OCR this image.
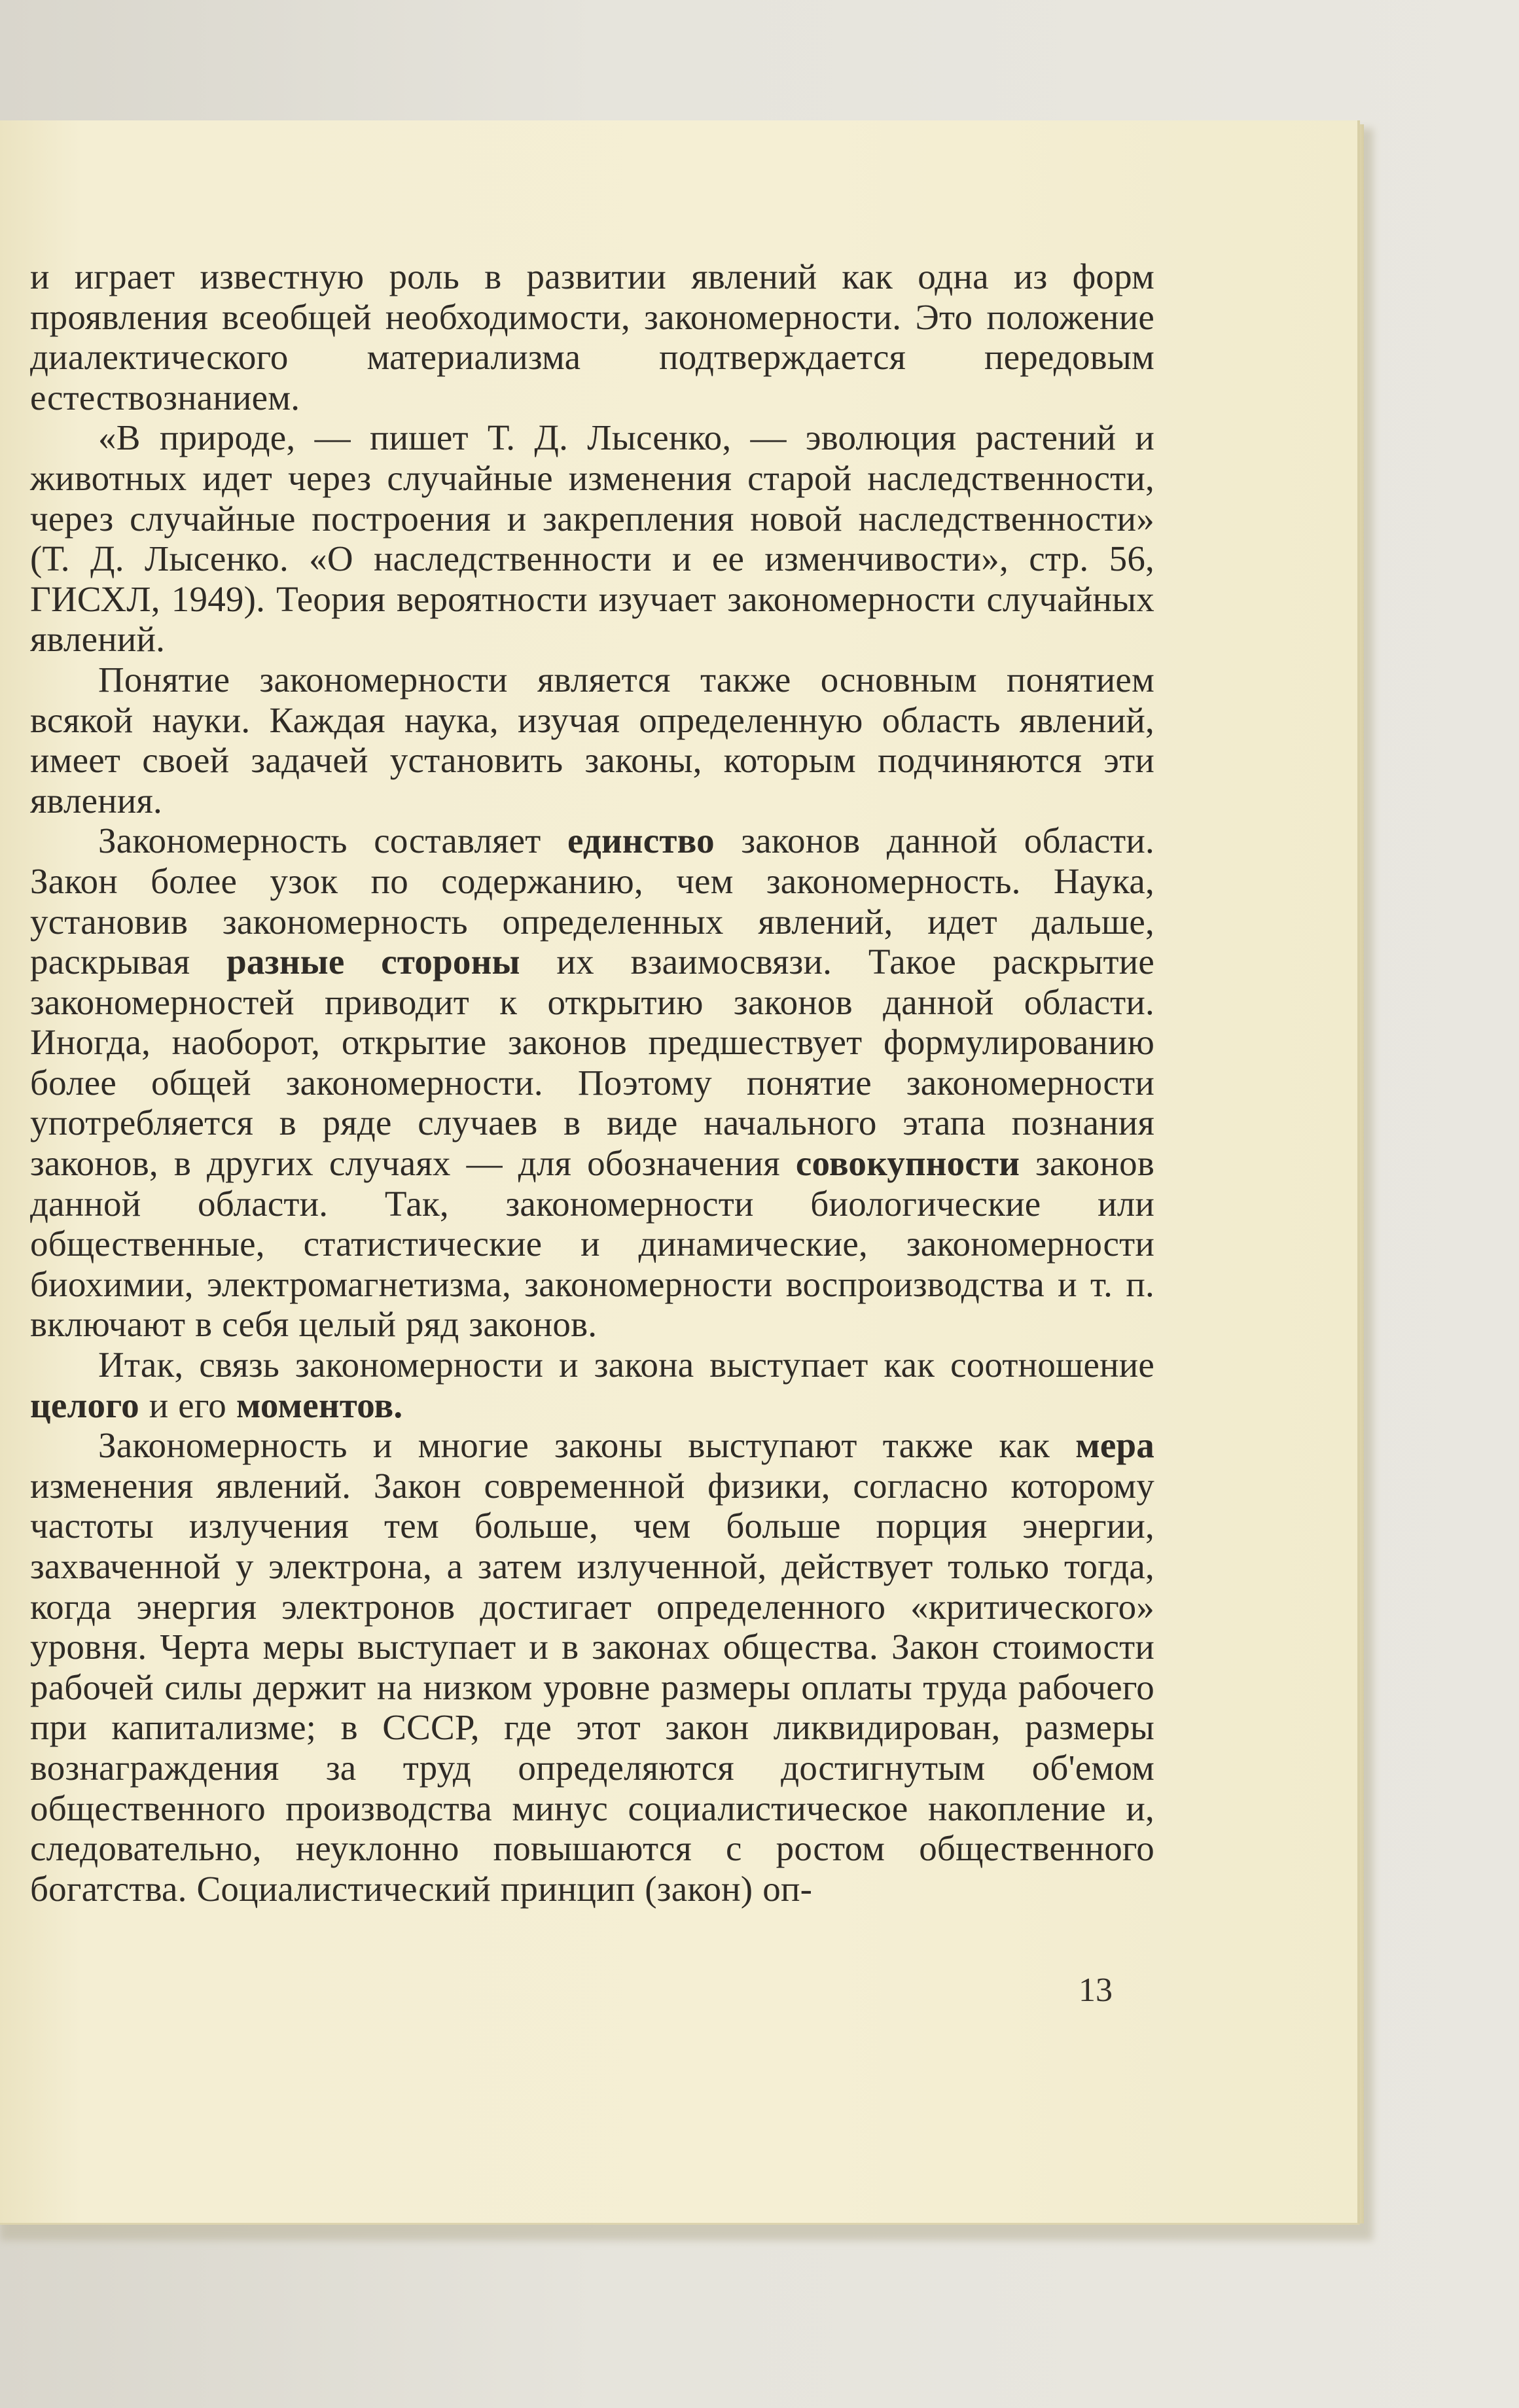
и играет известную роль в развитии явлений как одна из форм проявления всеобщей необходимости, закономерности. Это положение диалектического материализма подтверждается передовым естествознанием.

«В природе, — пишет Т. Д. Лысенко, — эволюция растений и животных идет через случайные изменения старой наследственности, через случайные построения и закрепления новой наследственности» (Т. Д. Лысенко. «О наследственности и ее изменчивости», стр. 56, ГИСХЛ, 1949). Теория вероятности изучает закономерности случайных явлений.

Понятие закономерности является также основным понятием всякой науки. Каждая наука, изучая определенную область явлений, имеет своей задачей установить законы, которым подчиняются эти явления.

Закономерность составляет единство законов данной области. Закон более узок по содержанию, чем закономерность. Наука, установив закономерность определенных явлений, идет дальше, раскрывая разные стороны их взаимосвязи. Такое раскрытие закономерностей приводит к открытию законов данной области. Иногда, наоборот, открытие законов предшествует формулированию более общей закономерности. Поэтому понятие закономерности употребляется в ряде случаев в виде начального этапа познания законов, в других случаях — для обозначения совокупности законов данной области. Так, закономерности биологические или общественные, статистические и динамические, закономерности биохимии, электромагнетизма, закономерности воспроизводства и т. п. включают в себя целый ряд законов.

Итак, связь закономерности и закона выступает как соотношение целого и его моментов.

Закономерность и многие законы выступают также как мера изменения явлений. Закон современной физики, согласно которому частоты излучения тем больше, чем больше порция энергии, захваченной у электрона, а затем излученной, действует только тогда, когда энергия электронов достигает определенного «критического» уровня. Черта меры выступает и в законах общества. Закон стоимости рабочей силы держит на низком уровне размеры оплаты труда рабочего при капитализме; в СССР, где этот закон ликвидирован, размеры вознаграждения за труд определяются достигнутым об'емом общественного производства минус социалистическое накопление и, следовательно, неуклонно повышаются с ростом общественного богатства. Социалистический принцип (закон) оп-

13
